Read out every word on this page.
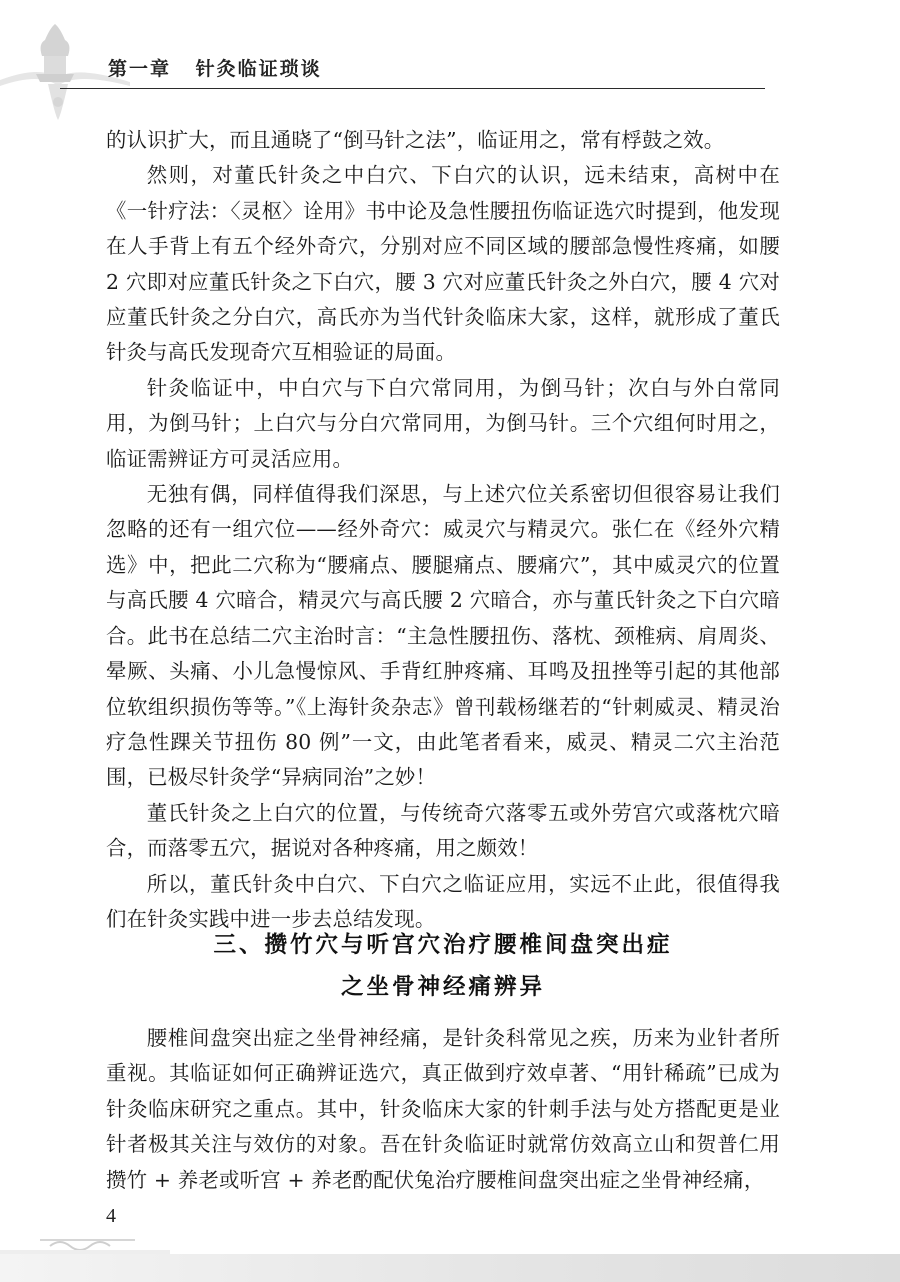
第一章 针灸临证琐谈

的认识扩大，而且通晓了“倒马针之法”，临证用之，常有桴鼓之效。

然则，对董氏针灸之中白穴、下白穴的认识，远未结束，高树中在《一针疗法：〈灵枢〉诠用》书中论及急性腰扭伤临证选穴时提到，他发现在人手背上有五个经外奇穴，分别对应不同区域的腰部急慢性疼痛，如腰 2 穴即对应董氏针灸之下白穴，腰 3 穴对应董氏针灸之外白穴，腰 4 穴对应董氏针灸之分白穴，高氏亦为当代针灸临床大家，这样，就形成了董氏针灸与高氏发现奇穴互相验证的局面。

针灸临证中，中白穴与下白穴常同用，为倒马针；次白与外白常同用，为倒马针；上白穴与分白穴常同用，为倒马针。三个穴组何时用之，临证需辨证方可灵活应用。

无独有偶，同样值得我们深思，与上述穴位关系密切但很容易让我们忽略的还有一组穴位——经外奇穴：威灵穴与精灵穴。张仁在《经外穴精选》中，把此二穴称为“腰痛点、腰腿痛点、腰痛穴”，其中威灵穴的位置与高氏腰 4 穴暗合，精灵穴与高氏腰 2 穴暗合，亦与董氏针灸之下白穴暗合。此书在总结二穴主治时言：“主急性腰扭伤、落枕、颈椎病、肩周炎、晕厥、头痛、小儿急慢惊风、手背红肿疼痛、耳鸣及扭挫等引起的其他部位软组织损伤等等。”《上海针灸杂志》曾刊载杨继若的“针刺威灵、精灵治疗急性踝关节扭伤 80 例”一文，由此笔者看来，威灵、精灵二穴主治范围，已极尽针灸学“异病同治”之妙！

董氏针灸之上白穴的位置，与传统奇穴落零五或外劳宫穴或落枕穴暗合，而落零五穴，据说对各种疼痛，用之颇效！

所以，董氏针灸中白穴、下白穴之临证应用，实远不止此，很值得我们在针灸实践中进一步去总结发现。

三、攒竹穴与听宫穴治疗腰椎间盘突出症
之坐骨神经痛辨异

腰椎间盘突出症之坐骨神经痛，是针灸科常见之疾，历来为业针者所重视。其临证如何正确辨证选穴，真正做到疗效卓著、“用针稀疏”已成为针灸临床研究之重点。其中，针灸临床大家的针刺手法与处方搭配更是业针者极其关注与效仿的对象。吾在针灸临证时就常仿效高立山和贺普仁用攒竹 + 养老或听宫 + 养老酌配伏兔治疗腰椎间盘突出症之坐骨神经痛，

4
